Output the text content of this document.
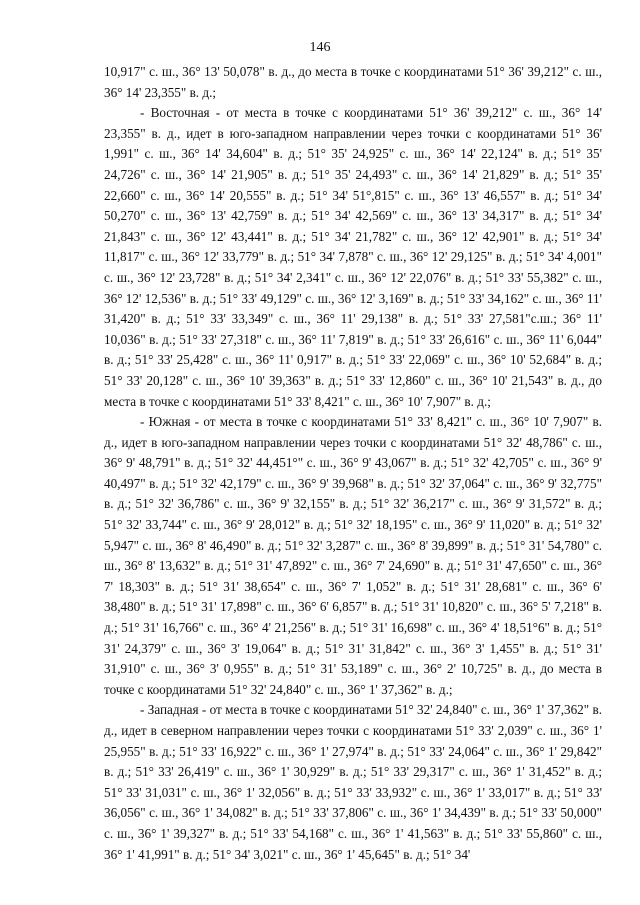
146

10,917" с. ш., 36° 13' 50,078" в. д., до места в точке с координатами 51° 36' 39,212" с. ш., 36° 14' 23,355" в. д.;

- Восточная - от места в точке с координатами 51° 36' 39,212" с. ш., 36° 14' 23,355" в. д., идет в юго-западном направлении через точки с координатами 51° 36' 1,991" с. ш., 36° 14' 34,604" в. д.; 51° 35' 24,925" с. ш., 36° 14' 22,124" в. д.; 51° 35' 24,726" с. ш., 36° 14' 21,905" в. д.; 51° 35' 24,493" с. ш., 36° 14' 21,829" в. д.; 51° 35' 22,660" с. ш., 36° 14' 20,555" в. д.; 51° 34' 51°,815" с. ш., 36° 13' 46,557" в. д.; 51° 34' 50,270" с. ш., 36° 13' 42,759" в. д.; 51° 34' 42,569" с. ш., 36° 13' 34,317" в. д.; 51° 34' 21,843" с. ш., 36° 12' 43,441" в. д.; 51° 34' 21,782" с. ш., 36° 12' 42,901" в. д.; 51° 34' 11,817" с. ш., 36° 12' 33,779" в. д.; 51° 34' 7,878" с. ш., 36° 12' 29,125" в. д.; 51° 34' 4,001" с. ш., 36° 12' 23,728" в. д.; 51° 34' 2,341" с. ш., 36° 12' 22,076" в. д.; 51° 33' 55,382" с. ш., 36° 12' 12,536" в. д.; 51° 33' 49,129" с. ш., 36° 12' 3,169" в. д.; 51° 33' 34,162" с. ш., 36° 11' 31,420" в. д.; 51° 33' 33,349" с. ш., 36° 11' 29,138" в. д.; 51° 33' 27,581"с.ш.; 36° 11' 10,036" в. д.; 51° 33' 27,318" с. ш., 36° 11' 7,819" в. д.; 51° 33' 26,616" с. ш., 36° 11' 6,044" в. д.; 51° 33' 25,428" с. ш., 36° 11' 0,917" в. д.; 51° 33' 22,069" с. ш., 36° 10' 52,684" в. д.; 51° 33' 20,128" с. ш., 36° 10' 39,363" в. д.; 51° 33' 12,860" с. ш., 36° 10' 21,543" в. д., до места в точке с координатами 51° 33' 8,421" с. ш., 36° 10' 7,907" в. д.;

- Южная - от места в точке с координатами 51° 33' 8,421" с. ш., 36° 10' 7,907" в. д., идет в юго-западном направлении через точки с координатами 51° 32' 48,786" с. ш., 36° 9' 48,791" в. д.; 51° 32' 44,451°" с. ш., 36° 9' 43,067" в. д.; 51° 32' 42,705" с. ш., 36° 9' 40,497" в. д.; 51° 32' 42,179" с. ш., 36° 9' 39,968" в. д.; 51° 32' 37,064" с. ш., 36° 9' 32,775" в. д.; 51° 32' 36,786" с. ш., 36° 9' 32,155" в. д.; 51° 32' 36,217" с. ш., 36° 9' 31,572" в. д.; 51° 32' 33,744" с. ш., 36° 9' 28,012" в. д.; 51° 32' 18,195" с. ш., 36° 9' 11,020" в. д.; 51° 32' 5,947" с. ш., 36° 8' 46,490" в. д.; 51° 32' 3,287" с. ш., 36° 8' 39,899" в. д.; 51° 31' 54,780" с. ш., 36° 8' 13,632" в. д.; 51° 31' 47,892" с. ш., 36° 7' 24,690" в. д.; 51° 31' 47,650" с. ш., 36° 7' 18,303" в. д.; 51° 31' 38,654" с. ш., 36° 7' 1,052" в. д.; 51° 31' 28,681" с. ш., 36° 6' 38,480" в. д.; 51° 31' 17,898" с. ш., 36° 6' 6,857" в. д.; 51° 31' 10,820" с. ш., 36° 5' 7,218" в. д.; 51° 31' 16,766" с. ш., 36° 4' 21,256" в. д.; 51° 31' 16,698" с. ш., 36° 4' 18,51°6" в. д.; 51° 31' 24,379" с. ш., 36° 3' 19,064" в. д.; 51° 31' 31,842" с. ш., 36° 3' 1,455" в. д.; 51° 31' 31,910" с. ш., 36° 3' 0,955" в. д.; 51° 31' 53,189" с. ш., 36° 2' 10,725" в. д., до места в точке с координатами 51° 32' 24,840" с. ш., 36° 1' 37,362" в. д.;

- Западная - от места в точке с координатами 51° 32' 24,840" с. ш., 36° 1' 37,362" в. д., идет в северном направлении через точки с координатами 51° 33' 2,039" с. ш., 36° 1' 25,955" в. д.; 51° 33' 16,922" с. ш., 36° 1' 27,974" в. д.; 51° 33' 24,064" с. ш., 36° 1' 29,842" в. д.; 51° 33' 26,419" с. ш., 36° 1' 30,929" в. д.; 51° 33' 29,317" с. ш., 36° 1' 31,452" в. д.; 51° 33' 31,031" с. ш., 36° 1' 32,056" в. д.; 51° 33' 33,932" с. ш., 36° 1' 33,017" в. д.; 51° 33' 36,056" с. ш., 36° 1' 34,082" в. д.; 51° 33' 37,806" с. ш., 36° 1' 34,439" в. д.; 51° 33' 50,000" с. ш., 36° 1' 39,327" в. д.; 51° 33' 54,168" с. ш., 36° 1' 41,563" в. д.; 51° 33' 55,860" с. ш., 36° 1' 41,991" в. д.; 51° 34' 3,021" с. ш., 36° 1' 45,645" в. д.; 51° 34'
